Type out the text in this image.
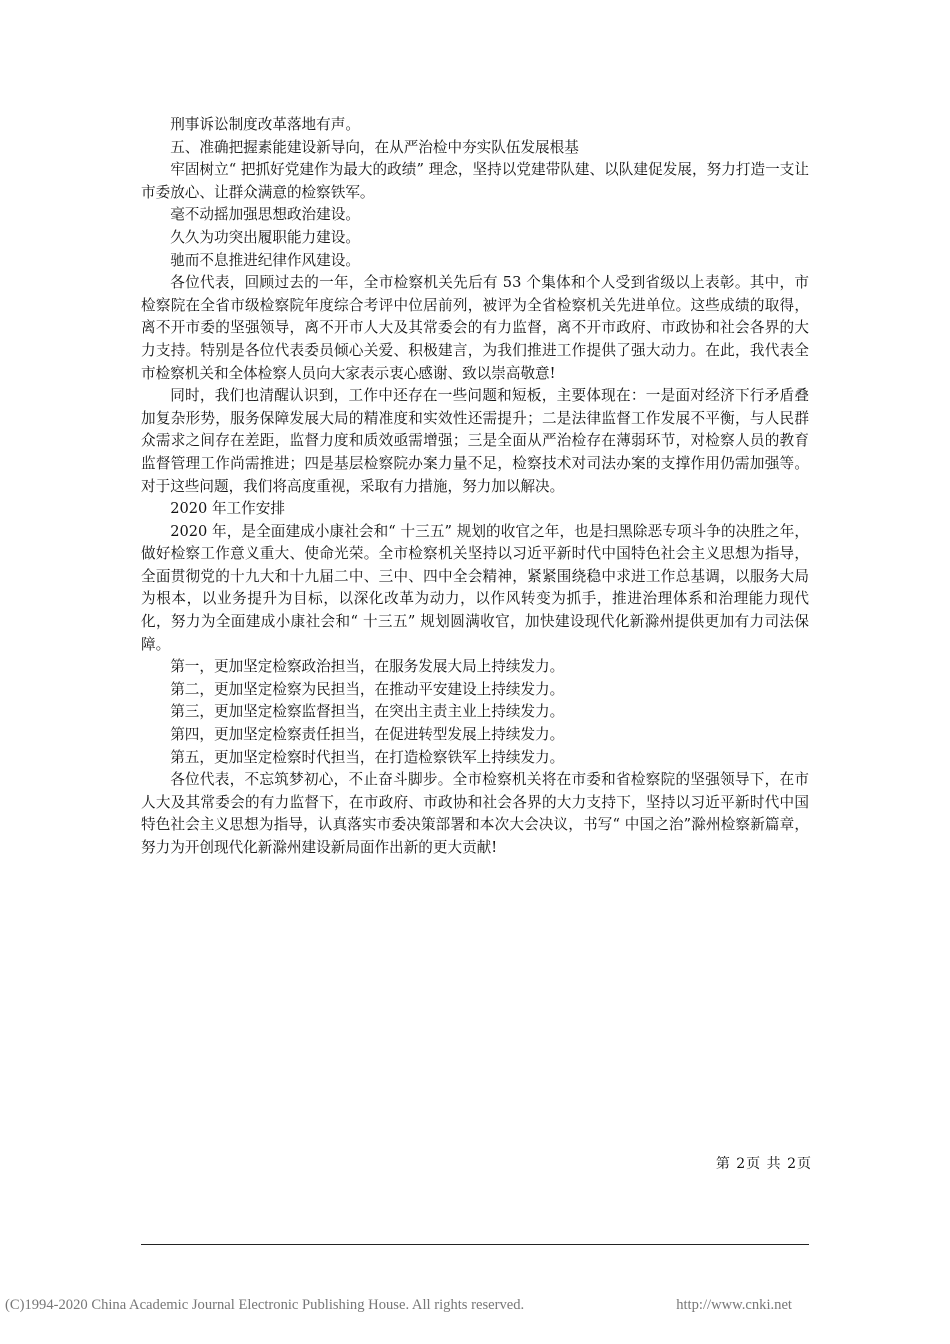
刑事诉讼制度改革落地有声。

五、准确把握素能建设新导向，在从严治检中夯实队伍发展根基

牢固树立“ 把抓好党建作为最大的政绩” 理念，坚持以党建带队建、以队建促发展，努力打造一支让市委放心、让群众满意的检察铁军。

毫不动摇加强思想政治建设。

久久为功突出履职能力建设。

驰而不息推进纪律作风建设。

各位代表，回顾过去的一年，全市检察机关先后有 53 个集体和个人受到省级以上表彰。其中，市检察院在全省市级检察院年度综合考评中位居前列，被评为全省检察机关先进单位。这些成绩的取得，离不开市委的坚强领导，离不开市人大及其常委会的有力监督，离不开市政府、市政协和社会各界的大力支持。特别是各位代表委员倾心关爱、积极建言，为我们推进工作提供了强大动力。在此，我代表全市检察机关和全体检察人员向大家表示衷心感谢、致以崇高敬意!

同时，我们也清醒认识到，工作中还存在一些问题和短板，主要体现在：一是面对经济下行矛盾叠加复杂形势，服务保障发展大局的精准度和实效性还需提升；二是法律监督工作发展不平衡，与人民群众需求之间存在差距，监督力度和质效亟需增强；三是全面从严治检存在薄弱环节，对检察人员的教育监督管理工作尚需推进；四是基层检察院办案力量不足，检察技术对司法办案的支撑作用仍需加强等。对于这些问题，我们将高度重视，采取有力措施，努力加以解决。

2020 年工作安排

2020 年，是全面建成小康社会和“ 十三五” 规划的收官之年，也是扫黑除恶专项斗争的决胜之年，做好检察工作意义重大、使命光荣。全市检察机关坚持以习近平新时代中国特色社会主义思想为指导，全面贯彻党的十九大和十九届二中、三中、四中全会精神，紧紧围绕稳中求进工作总基调，以服务大局为根本，以业务提升为目标，以深化改革为动力，以作风转变为抓手，推进治理体系和治理能力现代化，努力为全面建成小康社会和“ 十三五” 规划圆满收官，加快建设现代化新滁州提供更加有力司法保障。

第一，更加坚定检察政治担当，在服务发展大局上持续发力。

第二，更加坚定检察为民担当，在推动平安建设上持续发力。

第三，更加坚定检察监督担当，在突出主责主业上持续发力。

第四，更加坚定检察责任担当，在促进转型发展上持续发力。

第五，更加坚定检察时代担当，在打造检察铁军上持续发力。

各位代表，不忘筑梦初心，不止奋斗脚步。全市检察机关将在市委和省检察院的坚强领导下，在市人大及其常委会的有力监督下，在市政府、市政协和社会各界的大力支持下，坚持以习近平新时代中国特色社会主义思想为指导，认真落实市委决策部署和本次大会决议，书写“ 中国之治”滁州检察新篇章，努力为开创现代化新滁州建设新局面作出新的更大贡献!

第 2页 共 2页
(C)1994-2020 China Academic Journal Electronic Publishing House. All rights reserved.	http://www.cnki.net
